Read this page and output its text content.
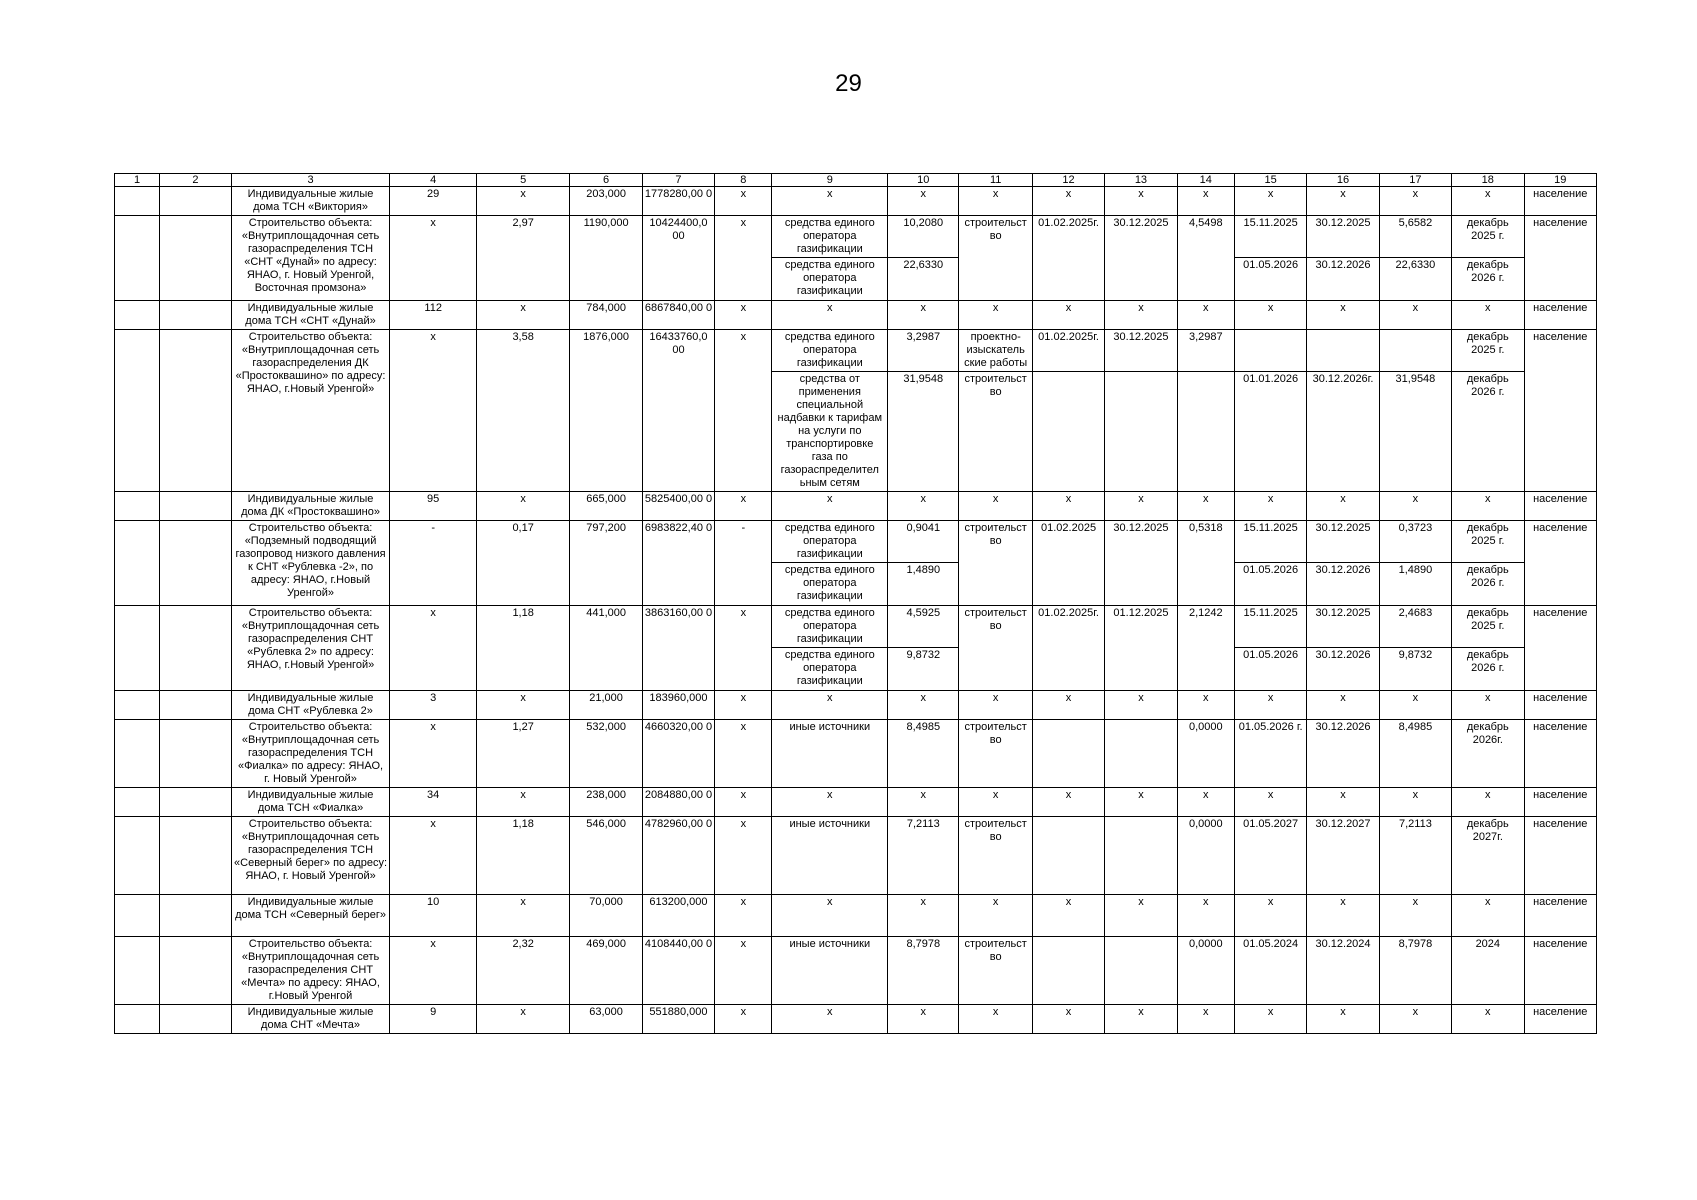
29
1	2	3	4	5	6	7	8	9	10	11	12	13	14	15	16	17	18	19
		Индивидуальные жилые дома ТСН «Виктория»	29	х	203,000	1778280,00 0	х	х	х	х	х	х	х	х	х	х	х	население
		Строительство объекта: «Внутриплощадочная сеть газораспределения ТСН «СНТ «Дунай» по адресу: ЯНАО, г. Новый Уренгой, Восточная промзона»	х	2,97	1190,000	10424400,0 00	х	средства единого оператора газификации	10,2080	строительст во	01.02.2025г.	30.12.2025	4,5498	15.11.2025	30.12.2025	5,6582	декабрь 2025 г.	население
								средства единого оператора газификации	22,6330					01.05.2026	30.12.2026	22,6330	декабрь 2026 г.	
		Индивидуальные жилые дома ТСН «СНТ «Дунай»	112	х	784,000	6867840,00 0	х	х	х	х	х	х	х	х	х	х	х	население
		Строительство объекта: «Внутриплощадочная сеть газораспределения ДК «Простоквашино» по адресу: ЯНАО, г.Новый Уренгой»	х	3,58	1876,000	16433760,0 00	х	средства единого оператора газификации	3,2987	проектно-изыскатель ские работы	01.02.2025г.	30.12.2025	3,2987				декабрь 2025 г.	население
								средства от применения специальной надбавки к тарифам на услуги по транспортировке газа по газораспределител ьным сетям	31,9548	строительст во				01.01.2026	30.12.2026г.	31,9548	декабрь 2026 г.	
		Индивидуальные жилые дома ДК «Простоквашино»	95	х	665,000	5825400,00 0	х	х	х	х	х	х	х	х	х	х	х	население
		Строительство объекта: «Подземный подводящий газопровод низкого давления к СНТ «Рублевка -2», по адресу: ЯНАО, г.Новый Уренгой»	-	0,17	797,200	6983822,40 0	-	средства единого оператора газификации	0,9041	строительст во	01.02.2025	30.12.2025	0,5318	15.11.2025	30.12.2025	0,3723	декабрь 2025 г.	население
								средства единого оператора газификации	1,4890					01.05.2026	30.12.2026	1,4890	декабрь 2026 г.	
		Строительство объекта: «Внутриплощадочная сеть газораспределения СНТ «Рублевка 2» по адресу: ЯНАО, г.Новый Уренгой»	х	1,18	441,000	3863160,00 0	х	средства единого оператора газификации	4,5925	строительст во	01.02.2025г.	01.12.2025	2,1242	15.11.2025	30.12.2025	2,4683	декабрь 2025 г.	население
								средства единого оператора газификации	9,8732					01.05.2026	30.12.2026	9,8732	декабрь 2026 г.	
		Индивидуальные жилые дома СНТ «Рублевка 2»	3	х	21,000	183960,000	х	х	х	х	х	х	х	х	х	х	х	население
		Строительство объекта: «Внутриплощадочная сеть газораспределения ТСН «Фиалка» по адресу: ЯНАО, г. Новый Уренгой»	х	1,27	532,000	4660320,00 0	х	иные источники	8,4985	строительст во			0,0000	01.05.2026 г.	30.12.2026	8,4985	декабрь 2026г.	население
		Индивидуальные жилые дома ТСН «Фиалка»	34	х	238,000	2084880,00 0	х	х	х	х	х	х	х	х	х	х	х	население
		Строительство объекта: «Внутриплощадочная сеть газораспределения ТСН «Северный берег» по адресу: ЯНАО, г. Новый Уренгой»	х	1,18	546,000	4782960,00 0	х	иные источники	7,2113	строительст во			0,0000	01.05.2027	30.12.2027	7,2113	декабрь 2027г.	население
		Индивидуальные жилые дома ТСН «Северный берег»	10	х	70,000	613200,000	х	х	х	х	х	х	х	х	х	х	х	население
		Строительство объекта: «Внутриплощадочная сеть газораспределения СНТ «Мечта» по адресу: ЯНАО, г.Новый Уренгой	х	2,32	469,000	4108440,00 0	х	иные источники	8,7978	строительст во			0,0000	01.05.2024	30.12.2024	8,7978	2024	население
		Индивидуальные жилые дома СНТ «Мечта»	9	х	63,000	551880,000	х	х	х	х	х	х	х	х	х	х	х	население
